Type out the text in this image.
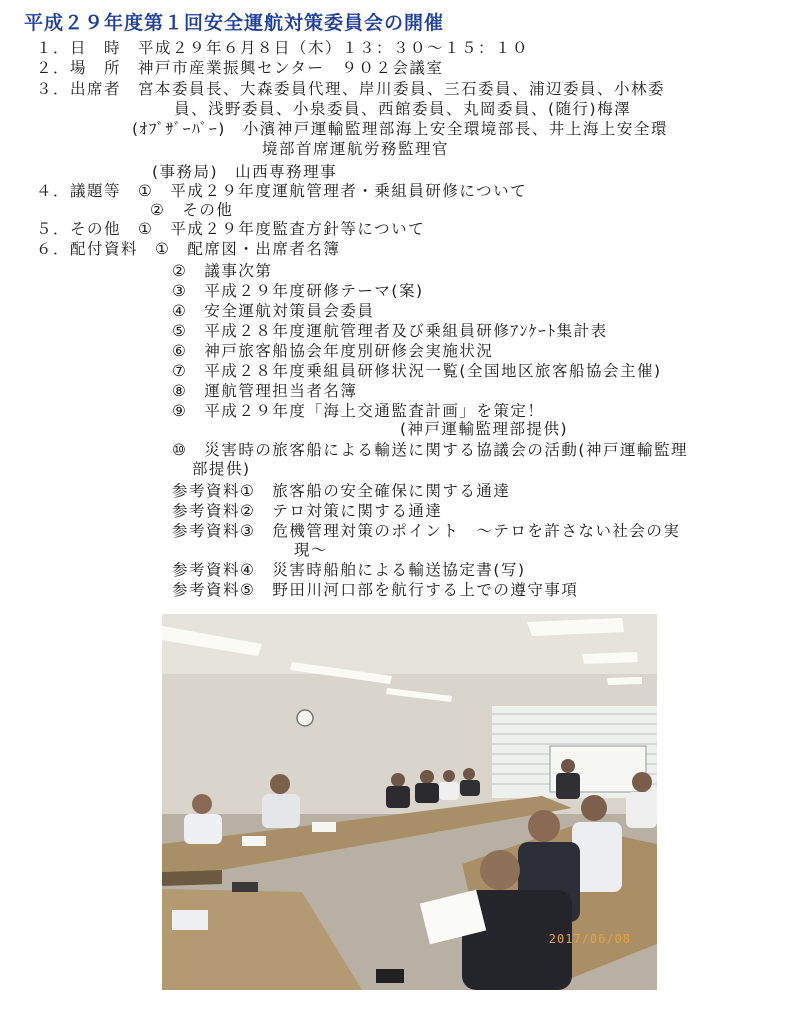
平成２９年度第１回安全運航対策委員会の開催
１．日　時　平成２９年６月８日（木）１３：３０～１５：１０
２．場　所　神戸市産業振興センター　９０２会議室
３．出席者　宮本委員長、大森委員代理、岸川委員、三石委員、浦辺委員、小林委
員、浅野委員、小泉委員、西館委員、丸岡委員、(随行)梅澤
(ｵﾌﾞｻﾞｰﾊﾞｰ)　小濱神戸運輸監理部海上安全環境部長、井上海上安全環
境部首席運航労務監理官
(事務局)　山西専務理事
４．議題等　①　平成２９年度運航管理者・乗組員研修について
②　その他
５．その他　①　平成２９年度監査方針等について
６．配付資料　①　配席図・出席者名簿
②　議事次第
③　平成２９年度研修テーマ(案)
④　安全運航対策員会委員
⑤　平成２８年度運航管理者及び乗組員研修ｱﾝｹｰﾄ集計表
⑥　神戸旅客船協会年度別研修会実施状況
⑦　平成２８年度乗組員研修状況一覧(全国地区旅客船協会主催)
⑧　運航管理担当者名簿
⑨　平成２９年度「海上交通監査計画」を策定！
(神戸運輸監理部提供)
⑩　災害時の旅客船による輸送に関する協議会の活動(神戸運輸監理
部提供)
参考資料①　旅客船の安全確保に関する通達
参考資料②　テロ対策に関する通達
参考資料③　危機管理対策のポイント　～テロを許さない社会の実
現～
参考資料④　災害時船舶による輸送協定書(写)
参考資料⑤　野田川河口部を航行する上での遵守事項
2017/06/08
